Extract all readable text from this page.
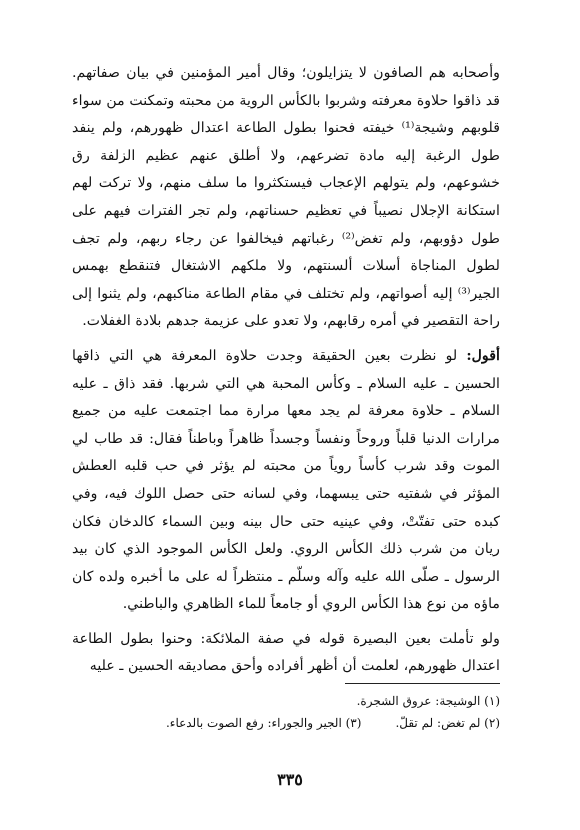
وأصحابه هم الصافون لا يتزايلون؛ وقال أمير المؤمنين في بيان صفاتهم. قد ذاقوا حلاوة معرفته وشربوا بالكأس الروية من محبته وتمكنت من سواء قلوبهم وشيجة⁽¹⁾ خيفته فحنوا بطول الطاعة اعتدال ظهورهم، ولم ينفد طول الرغبة إليه مادة تضرعهم، ولا أطلق عنهم عظيم الزلفة رق خشوعهم، ولم يتولهم الإعجاب فيستكثروا ما سلف منهم، ولا تركت لهم استكانة الإجلال نصيباً في تعظيم حسناتهم، ولم تجر الفترات فيهم على طول دؤوبهم، ولم تغض⁽²⁾ رغباتهم فيخالفوا عن رجاء ربهم، ولم تجف لطول المناجاة أسلات ألسنتهم، ولا ملكهم الاشتغال فتنقطع بهمس الجير⁽³⁾ إليه أصواتهم، ولم تختلف في مقام الطاعة مناكبهم، ولم يثنوا إلى راحة التقصير في أمره رقابهم، ولا تعدو على عزيمة جدهم بلادة الغفلات.

أقول: لو نظرت بعين الحقيقة وجدت حلاوة المعرفة هي التي ذاقها الحسين ـ عليه السلام ـ وكأس المحبة هي التي شربها. فقد ذاق ـ عليه السلام ـ حلاوة معرفة لم يجد معها مرارة مما اجتمعت عليه من جميع مرارات الدنيا قلباً وروحاً ونفساً وجسداً ظاهراً وباطناً فقال: قد طاب لي الموت وقد شرب كأساً روياً من محبته لم يؤثر في حب قلبه العطش المؤثر في شفتيه حتى يبسهما، وفي لسانه حتى حصل اللوك فيه، وفي كبده حتى تفتّتْ، وفي عينيه حتى حال بينه وبين السماء كالدخان فكان ريان من شرب ذلك الكأس الروي. ولعل الكأس الموجود الذي كان بيد الرسول ـ صلّى الله عليه وآله وسلّم ـ منتظراً له على ما أخبره ولده كان ماؤه من نوع هذا الكأس الروي أو جامعاً للماء الظاهري والباطني.

ولو تأملت بعين البصيرة قوله في صفة الملائكة: وحنوا بطول الطاعة اعتدال ظهورهم، لعلمت أن أظهر أفراده وأحق مصاديقه الحسين ـ عليه

(١) الوشيجة: عروق الشجرة.
(٢) لم تغض: لم تقلّ.
(٣) الجير والجوراء: رفع الصوت بالدعاء.
٣٣٥
